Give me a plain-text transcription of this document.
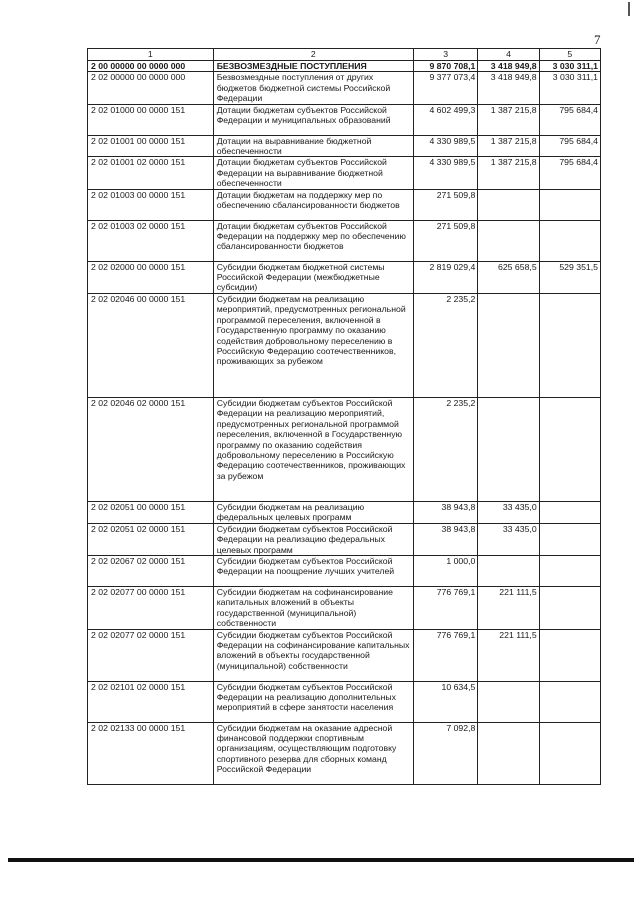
7
1	2	3	4	5
2 00 00000 00 0000 000	БЕЗВОЗМЕЗДНЫЕ ПОСТУПЛЕНИЯ	9 870 708,1	3 418 949,8	3 030 311,1
2 02 00000 00 0000 000	Безвозмездные поступления от других бюджетов бюджетной системы Российской Федерации	9 377 073,4	3 418 949,8	3 030 311,1
2 02 01000 00 0000 151	Дотации бюджетам субъектов Российской Федерации и муниципальных образований	4 602 499,3	1 387 215,8	795 684,4
2 02 01001 00 0000 151	Дотации на выравнивание бюджетной обеспеченности	4 330 989,5	1 387 215,8	795 684,4
2 02 01001 02 0000 151	Дотации бюджетам субъектов Российской Федерации на выравнивание бюджетной обеспеченности	4 330 989,5	1 387 215,8	795 684,4
2 02 01003 00 0000 151	Дотации бюджетам на поддержку мер по обеспечению сбалансированности бюджетов	271 509,8		
2 02 01003 02 0000 151	Дотации бюджетам субъектов Российской Федерации на поддержку мер по обеспечению сбалансированности бюджетов	271 509,8		
2 02 02000 00 0000 151	Субсидии бюджетам бюджетной системы Российской Федерации (межбюджетные субсидии)	2 819 029,4	625 658,5	529 351,5
2 02 02046 00 0000 151	Субсидии бюджетам на реализацию мероприятий, предусмотренных региональной программой переселения, включенной в Государственную программу по оказанию содействия добровольному переселению в Российскую Федерацию соотечественников, проживающих за рубежом	2 235,2		
2 02 02046 02 0000 151	Субсидии бюджетам субъектов Российской Федерации на реализацию мероприятий, предусмотренных региональной программой переселения, включенной в Государственную программу по оказанию содействия добровольному переселению в Российскую Федерацию соотечественников, проживающих за рубежом	2 235,2		
2 02 02051 00 0000 151	Субсидии бюджетам на реализацию федеральных целевых программ	38 943,8	33 435,0	
2 02 02051 02 0000 151	Субсидии бюджетам субъектов Российской Федерации на реализацию федеральных целевых программ	38 943,8	33 435,0	
2 02 02067 02 0000 151	Субсидии бюджетам субъектов Российской Федерации на поощрение лучших учителей	1 000,0		
2 02 02077 00 0000 151	Субсидии бюджетам на софинансирование капитальных вложений в объекты государственной (муниципальной) собственности	776 769,1	221 111,5	
2 02 02077 02 0000 151	Субсидии бюджетам субъектов Российской Федерации на софинансирование капитальных вложений в объекты государственной (муниципальной) собственности	776 769,1	221 111,5	
2 02 02101 02 0000 151	Субсидии бюджетам субъектов Российской Федерации на реализацию дополнительных мероприятий в сфере занятости населения	10 634,5		
2 02 02133 00 0000 151	Субсидии бюджетам на оказание адресной финансовой поддержки спортивным организациям, осуществляющим подготовку спортивного резерва для сборных команд Российской Федерации	7 092,8		
